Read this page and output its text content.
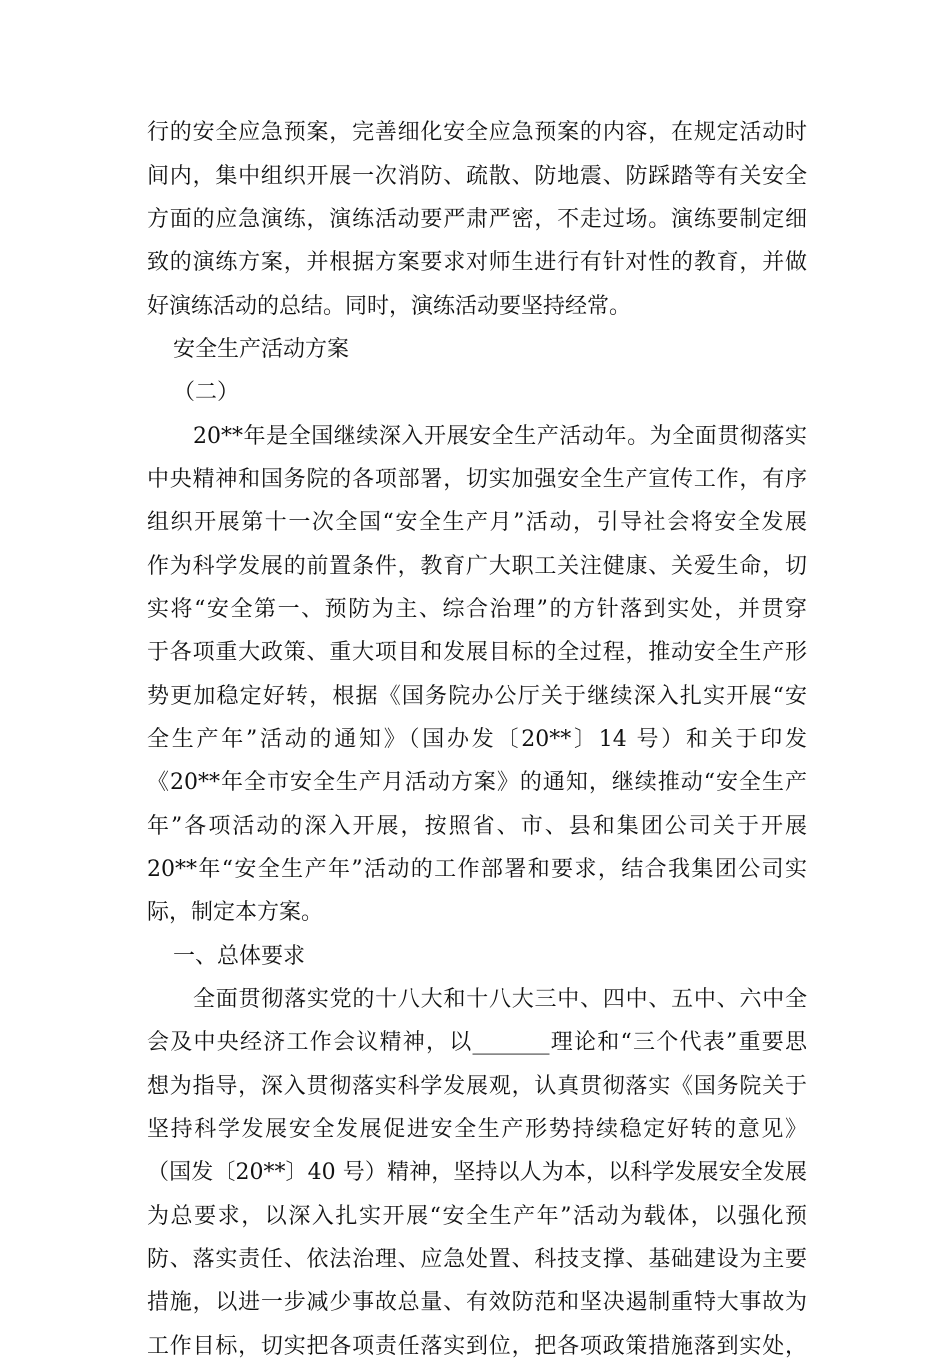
行的安全应急预案，完善细化安全应急预案的内容，在规定活动时
间内，集中组织开展一次消防、疏散、防地震、防踩踏等有关安全
方面的应急演练，演练活动要严肃严密，不走过场。演练要制定细
致的演练方案，并根据方案要求对师生进行有针对性的教育，并做
好演练活动的总结。同时，演练活动要坚持经常。
安全生产活动方案
（二）
20**年是全国继续深入开展安全生产活动年。为全面贯彻落实
中央精神和国务院的各项部署，切实加强安全生产宣传工作，有序
组织开展第十一次全国“安全生产月”活动，引导社会将安全发展
作为科学发展的前置条件，教育广大职工关注健康、关爱生命，切
实将“安全第一、预防为主、综合治理”的方针落到实处，并贯穿
于各项重大政策、重大项目和发展目标的全过程，推动安全生产形
势更加稳定好转，根据《国务院办公厅关于继续深入扎实开展“安
全生产年”活动的通知》（国办发〔20**〕14 号）和关于印发
《20**年全市安全生产月活动方案》的通知，继续推动“安全生产
年”各项活动的深入开展，按照省、市、县和集团公司关于开展
20**年“安全生产年”活动的工作部署和要求，结合我集团公司实
际，制定本方案。
一、总体要求
全面贯彻落实党的十八大和十八大三中、四中、五中、六中全
会及中央经济工作会议精神，以_______理论和“三个代表”重要思
想为指导，深入贯彻落实科学发展观，认真贯彻落实《国务院关于
坚持科学发展安全发展促进安全生产形势持续稳定好转的意见》
（国发〔20**〕40 号）精神，坚持以人为本，以科学发展安全发展
为总要求，以深入扎实开展“安全生产年”活动为载体，以强化预
防、落实责任、依法治理、应急处置、科技支撑、基础建设为主要
措施，以进一步减少事故总量、有效防范和坚决遏制重特大事故为
工作目标，切实把各项责任落实到位，把各项政策措施落到实处，
